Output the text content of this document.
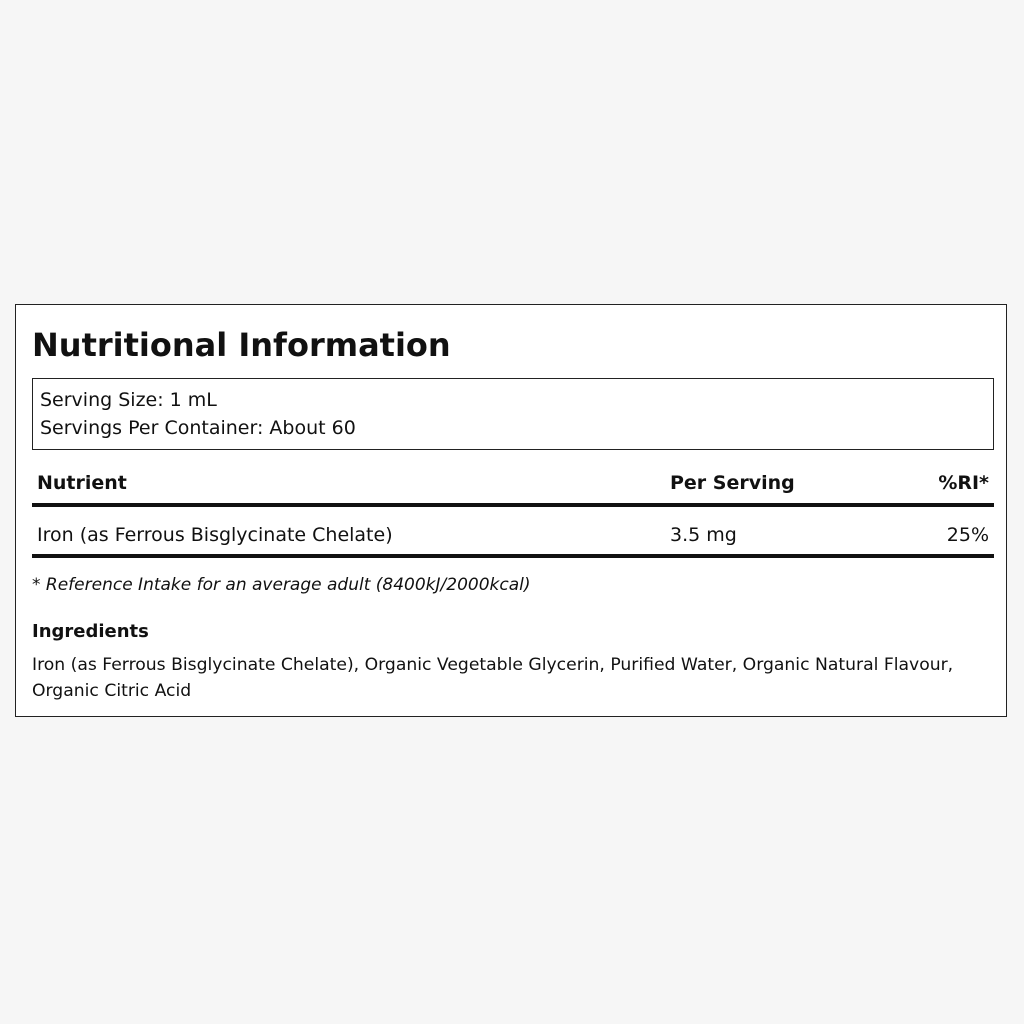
Nutritional Information
Serving Size: 1 mL
Servings Per Container: About 60
Nutrient	Per Serving	%RI*
Iron (as Ferrous Bisglycinate Chelate)	3.5 mg	25%
* Reference Intake for an average adult (8400kJ/2000kcal)
Ingredients
Iron (as Ferrous Bisglycinate Chelate), Organic Vegetable Glycerin, Purified Water, Organic Natural Flavour, Organic Citric Acid
